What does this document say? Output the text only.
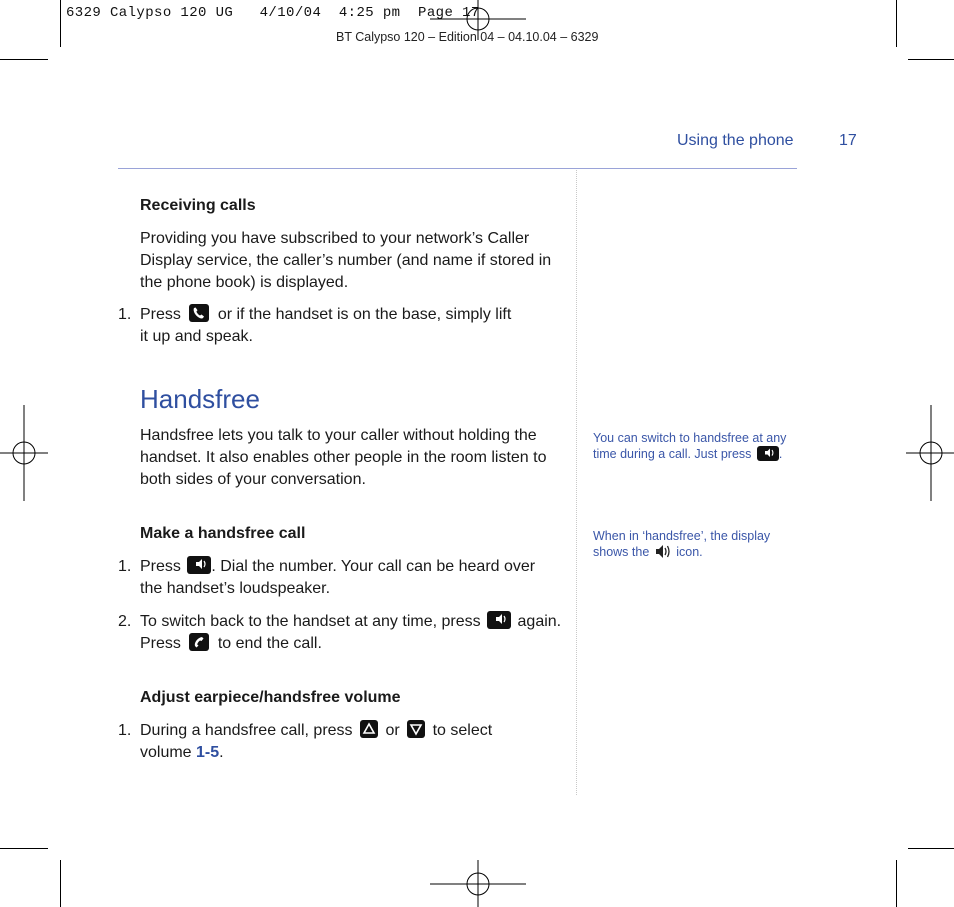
6329 Calypso 120 UG   4/10/04  4:25 pm  Page 17
BT Calypso 120 – Edition 04 – 04.10.04 – 6329
Using the phone	17
Receiving calls
Providing you have subscribed to your network’s Caller Display service, the caller’s number (and name if stored in the phone book) is displayed.
1. Press or if the handset is on the base, simply lift
it up and speak.
Handsfree
Handsfree lets you talk to your caller without holding the handset. It also enables other people in the room listen to both sides of your conversation.
Make a handsfree call
1. Press . Dial the number. Your call can be heard over
the handset’s loudspeaker.
2. To switch back to the handset at any time, press again.
Press to end the call.
Adjust earpiece/handsfree volume
1. During a handsfree call, press or to select
volume 1-5.
You can switch to handsfree at any
time during a call. Just press .
When in ‘handsfree’, the display
shows the icon.
